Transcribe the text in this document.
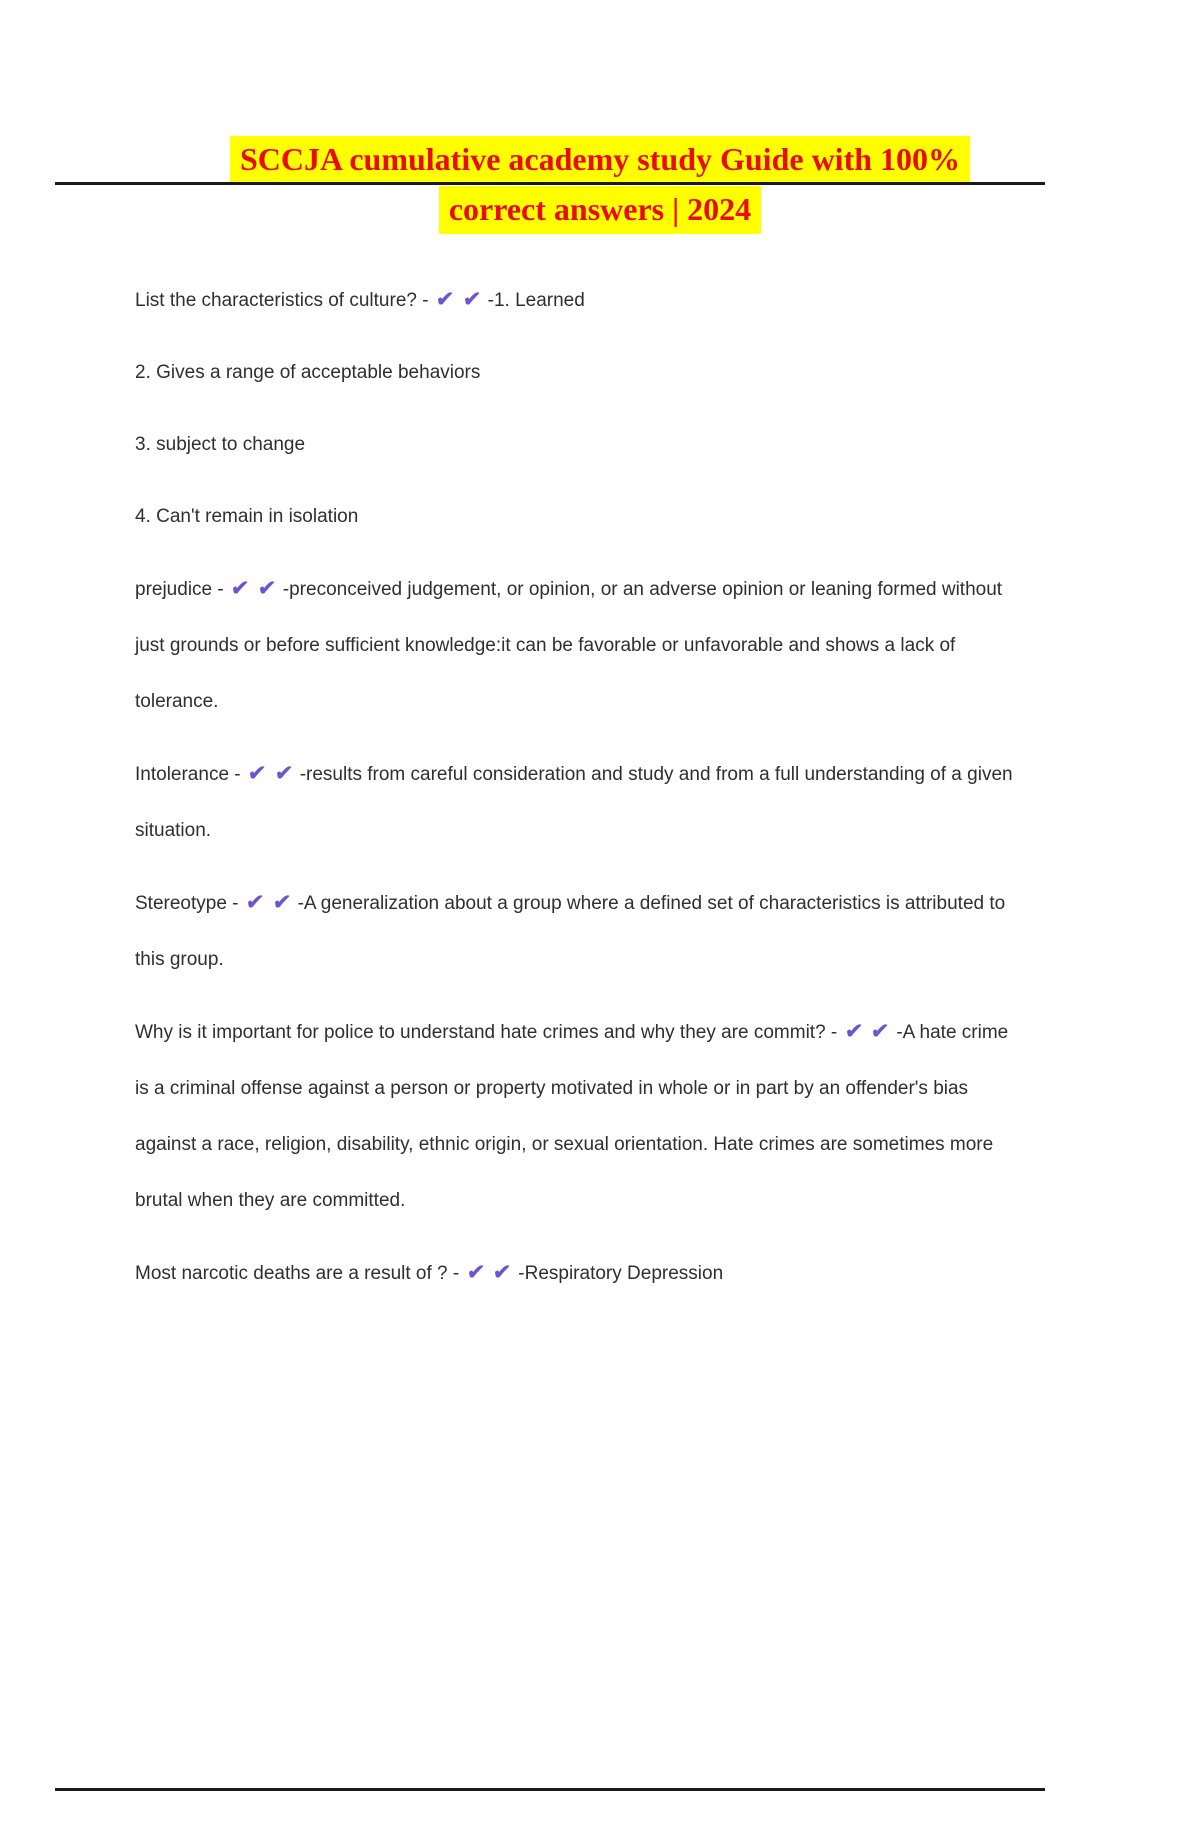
SCCJA cumulative academy study Guide with 100%
correct answers | 2024

List the characteristics of culture? - ✔ ✔ -1. Learned

2. Gives a range of acceptable behaviors

3. subject to change

4. Can't remain in isolation

prejudice - ✔ ✔ -preconceived judgement, or opinion, or an adverse opinion or leaning formed without just grounds or before sufficient knowledge:it can be favorable or unfavorable and shows a lack of tolerance.

Intolerance - ✔ ✔ -results from careful consideration and study and from a full understanding of a given situation.

Stereotype - ✔ ✔ -A generalization about a group where a defined set of characteristics is attributed to this group.

Why is it important for police to understand hate crimes and why they are commit? - ✔ ✔ -A hate crime is a criminal offense against a person or property motivated in whole or in part by an offender's bias against a race, religion, disability, ethnic origin, or sexual orientation. Hate crimes are sometimes more brutal when they are committed.

Most narcotic deaths are a result of ? - ✔ ✔ -Respiratory Depression
